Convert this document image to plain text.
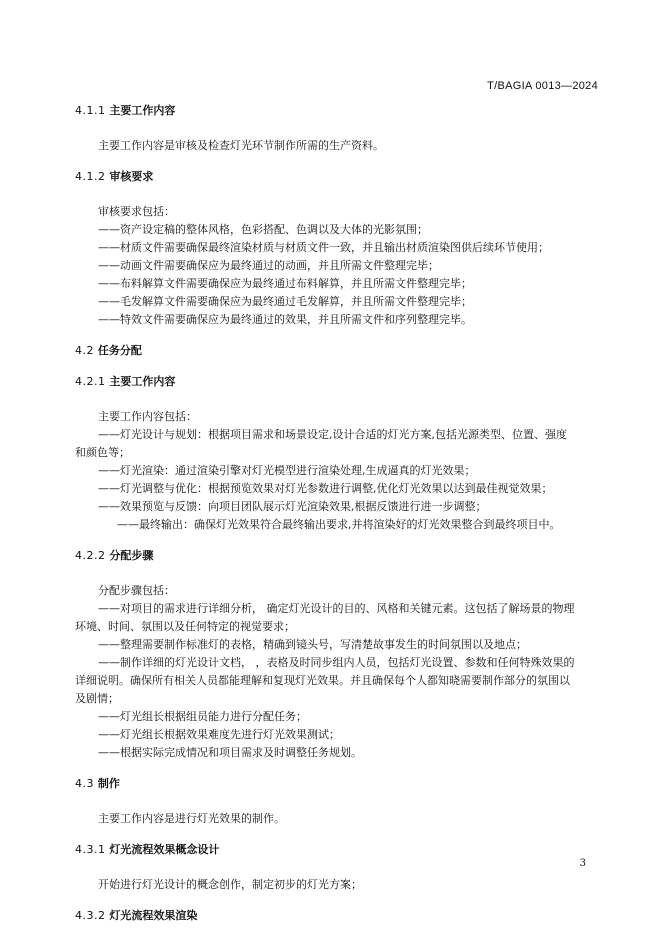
T/BAGIA 0013—2024
4.1.1 主要工作内容

主要工作内容是审核及检查灯光环节制作所需的生产资料。

4.1.2 审核要求

审核要求包括：

——资产设定稿的整体风格，色彩搭配、色调以及大体的光影氛围；

——材质文件需要确保最终渲染材质与材质文件一致，并且输出材质渲染图供后续环节使用；

——动画文件需要确保应为最终通过的动画，并且所需文件整理完毕；

——布料解算文件需要确保应为最终通过布料解算，并且所需文件整理完毕；

——毛发解算文件需要确保应为最终通过毛发解算，并且所需文件整理完毕；

——特效文件需要确保应为最终通过的效果，并且所需文件和序列整理完毕。

4.2 任务分配
4.2.1 主要工作内容

主要工作内容包括：

——灯光设计与规划：根据项目需求和场景设定,设计合适的灯光方案,包括光源类型、位置、强度

和颜色等；

——灯光渲染：通过渲染引擎对灯光模型进行渲染处理,生成逼真的灯光效果；

——灯光调整与优化：根据预览效果对灯光参数进行调整,优化灯光效果以达到最佳视觉效果；

——效果预览与反馈：向项目团队展示灯光渲染效果,根据反馈进行进一步调整；

——最终输出：确保灯光效果符合最终输出要求,并将渲染好的灯光效果整合到最终项目中。

4.2.2 分配步骤

分配步骤包括：

——对项目的需求进行详细分析， 确定灯光设计的目的、风格和关键元素。这包括了解场景的物理

环境、时间、氛围以及任何特定的视觉要求；

——整理需要制作标准灯的表格，精确到镜头号，写清楚故事发生的时间氛围以及地点；

——制作详细的灯光设计文档， ，表格及时同步组内人员，包括灯光设置、参数和任何特殊效果的

详细说明。确保所有相关人员都能理解和复现灯光效果。并且确保每个人都知晓需要制作部分的氛围以

及剧情；

——灯光组长根据组员能力进行分配任务；

——灯光组长根据效果难度先进行灯光效果测试；

——根据实际完成情况和项目需求及时调整任务规划。

4.3 制作

主要工作内容是进行灯光效果的制作。

4.3.1 灯光流程效果概念设计

开始进行灯光设计的概念创作，制定初步的灯光方案；

4.3.2 灯光流程效果渲染
3
